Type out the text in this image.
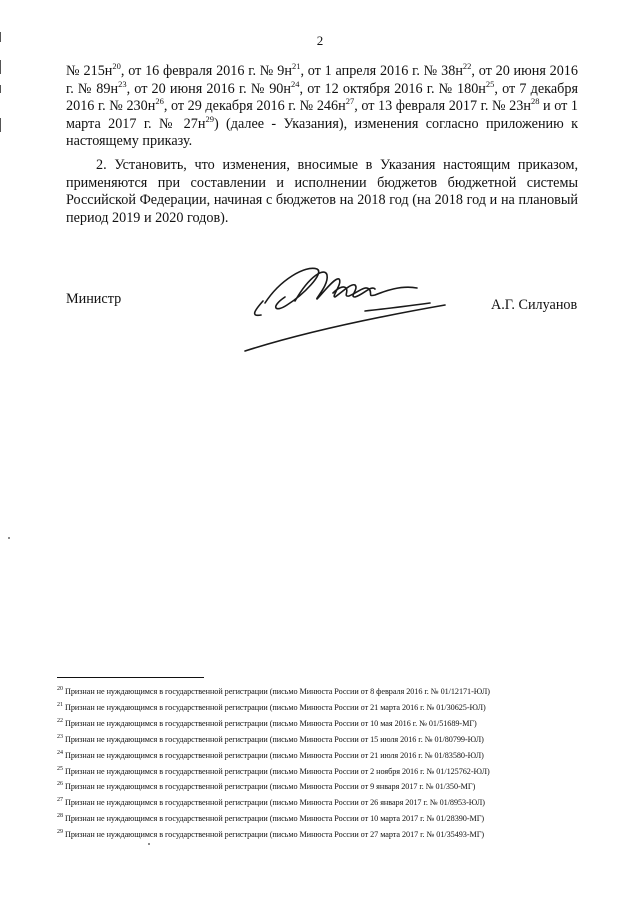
2

№ $215н^{20}$, от 16 февраля 2016 г. № $9н^{21}$, от 1 апреля 2016 г. № $38н^{22}$, от 20 июня 2016 г. № $89н^{23}$, от 20 июня 2016 г. № $90н^{24}$, от 12 октября 2016 г. № $180н^{25}$, от 7 декабря 2016 г. № $230н^{26}$, от 29 декабря 2016 г. № $246н^{27}$, от 13 февраля 2017 г. № $23н^{28}$ и от 1 марта 2017 г. № $27н^{29}$) (далее - Указания), изменения согласно приложению к настоящему приказу.

2. Установить, что изменения, вносимые в Указания настоящим приказом, применяются при составлении и исполнении бюджетов бюджетной системы Российской Федерации, начиная с бюджетов на 2018 год (на 2018 год и на плановый период 2019 и 2020 годов).

Министр	А.Г. Силуанов
20 Признан не нуждающимся в государственной регистрации (письмо Минюста России от 8 февраля 2016 г. № 01/12171-ЮЛ)
21 Признан не нуждающимся в государственной регистрации (письмо Минюста России от 21 марта 2016 г. № 01/30625-ЮЛ)
22 Признан не нуждающимся в государственной регистрации (письмо Минюста России от 10 мая 2016 г. № 01/51689-МГ)
23 Признан не нуждающимся в государственной регистрации (письмо Минюста России от 15 июля 2016 г. № 01/80799-ЮЛ)
24 Признан не нуждающимся в государственной регистрации (письмо Минюста России от 21 июля 2016 г. № 01/83580-ЮЛ)
25 Признан не нуждающимся в государственной регистрации (письмо Минюста России от 2 ноября 2016 г. № 01/125762-ЮЛ)
26 Признан не нуждающимся в государственной регистрации (письмо Минюста России от 9 января 2017 г. № 01/350-МГ)
27 Признан не нуждающимся в государственной регистрации (письмо Минюста России от 26 января 2017 г. № 01/8953-ЮЛ)
28 Признан не нуждающимся в государственной регистрации (письмо Минюста России от 10 марта 2017 г. № 01/28390-МГ)
29 Признан не нуждающимся в государственной регистрации (письмо Минюста России от 27 марта 2017 г. № 01/35493-МГ)
